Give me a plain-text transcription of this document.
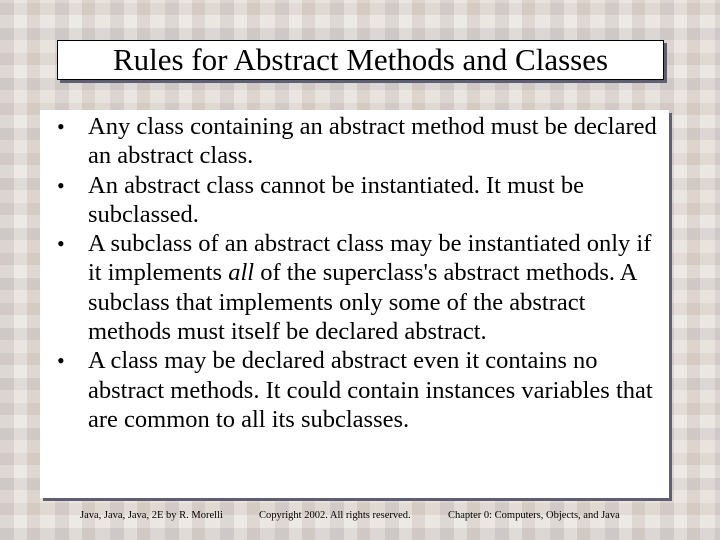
Rules for Abstract Methods and Classes
• Any class containing an abstract method must be declared an abstract class.
• An abstract class cannot be instantiated. It must be subclassed.
• A subclass of an abstract class may be instantiated only if it implements all of the superclass's abstract methods. A subclass that implements only some of the abstract methods must itself be declared abstract.
• A class may be declared abstract even it contains no abstract methods. It could contain instances variables that are common to all its subclasses.
Java, Java, Java, 2E by R. Morelli	Copyright 2002. All rights reserved.	Chapter 0: Computers, Objects, and Java
